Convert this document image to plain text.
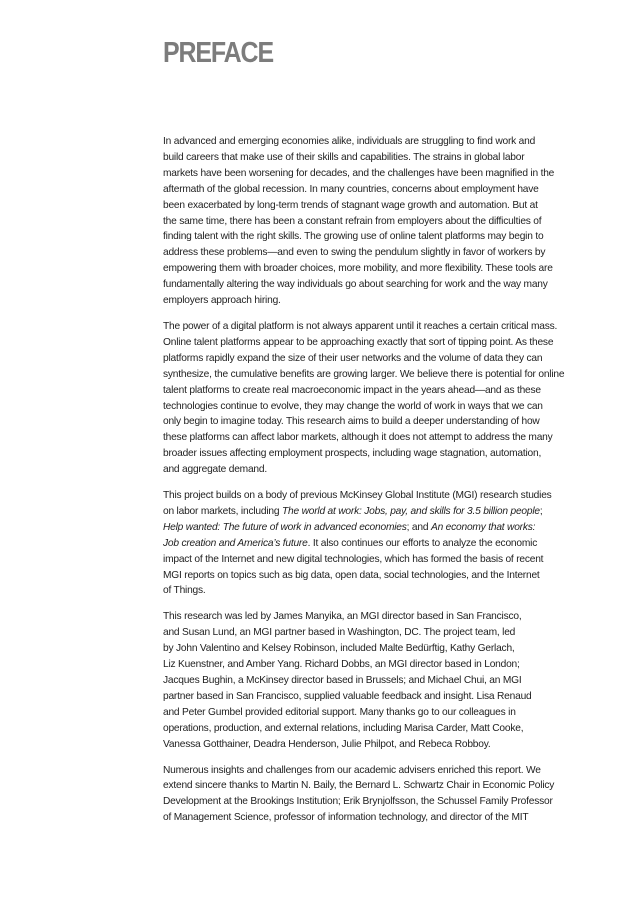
PREFACE

In advanced and emerging economies alike, individuals are struggling to find work and
build careers that make use of their skills and capabilities. The strains in global labor
markets have been worsening for decades, and the challenges have been magnified in the
aftermath of the global recession. In many countries, concerns about employment have
been exacerbated by long-term trends of stagnant wage growth and automation. But at
the same time, there has been a constant refrain from employers about the difficulties of
finding talent with the right skills. The growing use of online talent platforms may begin to
address these problems—and even to swing the pendulum slightly in favor of workers by
empowering them with broader choices, more mobility, and more flexibility. These tools are
fundamentally altering the way individuals go about searching for work and the way many
employers approach hiring.

The power of a digital platform is not always apparent until it reaches a certain critical mass.
Online talent platforms appear to be approaching exactly that sort of tipping point. As these
platforms rapidly expand the size of their user networks and the volume of data they can
synthesize, the cumulative benefits are growing larger. We believe there is potential for online
talent platforms to create real macroeconomic impact in the years ahead—and as these
technologies continue to evolve, they may change the world of work in ways that we can
only begin to imagine today. This research aims to build a deeper understanding of how
these platforms can affect labor markets, although it does not attempt to address the many
broader issues affecting employment prospects, including wage stagnation, automation,
and aggregate demand.

This project builds on a body of previous McKinsey Global Institute (MGI) research studies
on labor markets, including The world at work: Jobs, pay, and skills for 3.5 billion people;
Help wanted: The future of work in advanced economies; and An economy that works:
Job creation and America’s future. It also continues our efforts to analyze the economic
impact of the Internet and new digital technologies, which has formed the basis of recent
MGI reports on topics such as big data, open data, social technologies, and the Internet
of Things.

This research was led by James Manyika, an MGI director based in San Francisco,
and Susan Lund, an MGI partner based in Washington, DC. The project team, led
by John Valentino and Kelsey Robinson, included Malte Bedürftig, Kathy Gerlach,
Liz Kuenstner, and Amber Yang. Richard Dobbs, an MGI director based in London;
Jacques Bughin, a McKinsey director based in Brussels; and Michael Chui, an MGI
partner based in San Francisco, supplied valuable feedback and insight. Lisa Renaud
and Peter Gumbel provided editorial support. Many thanks go to our colleagues in
operations, production, and external relations, including Marisa Carder, Matt Cooke,
Vanessa Gotthainer, Deadra Henderson, Julie Philpot, and Rebeca Robboy.

Numerous insights and challenges from our academic advisers enriched this report. We
extend sincere thanks to Martin N. Baily, the Bernard L. Schwartz Chair in Economic Policy
Development at the Brookings Institution; Erik Brynjolfsson, the Schussel Family Professor
of Management Science, professor of information technology, and director of the MIT
